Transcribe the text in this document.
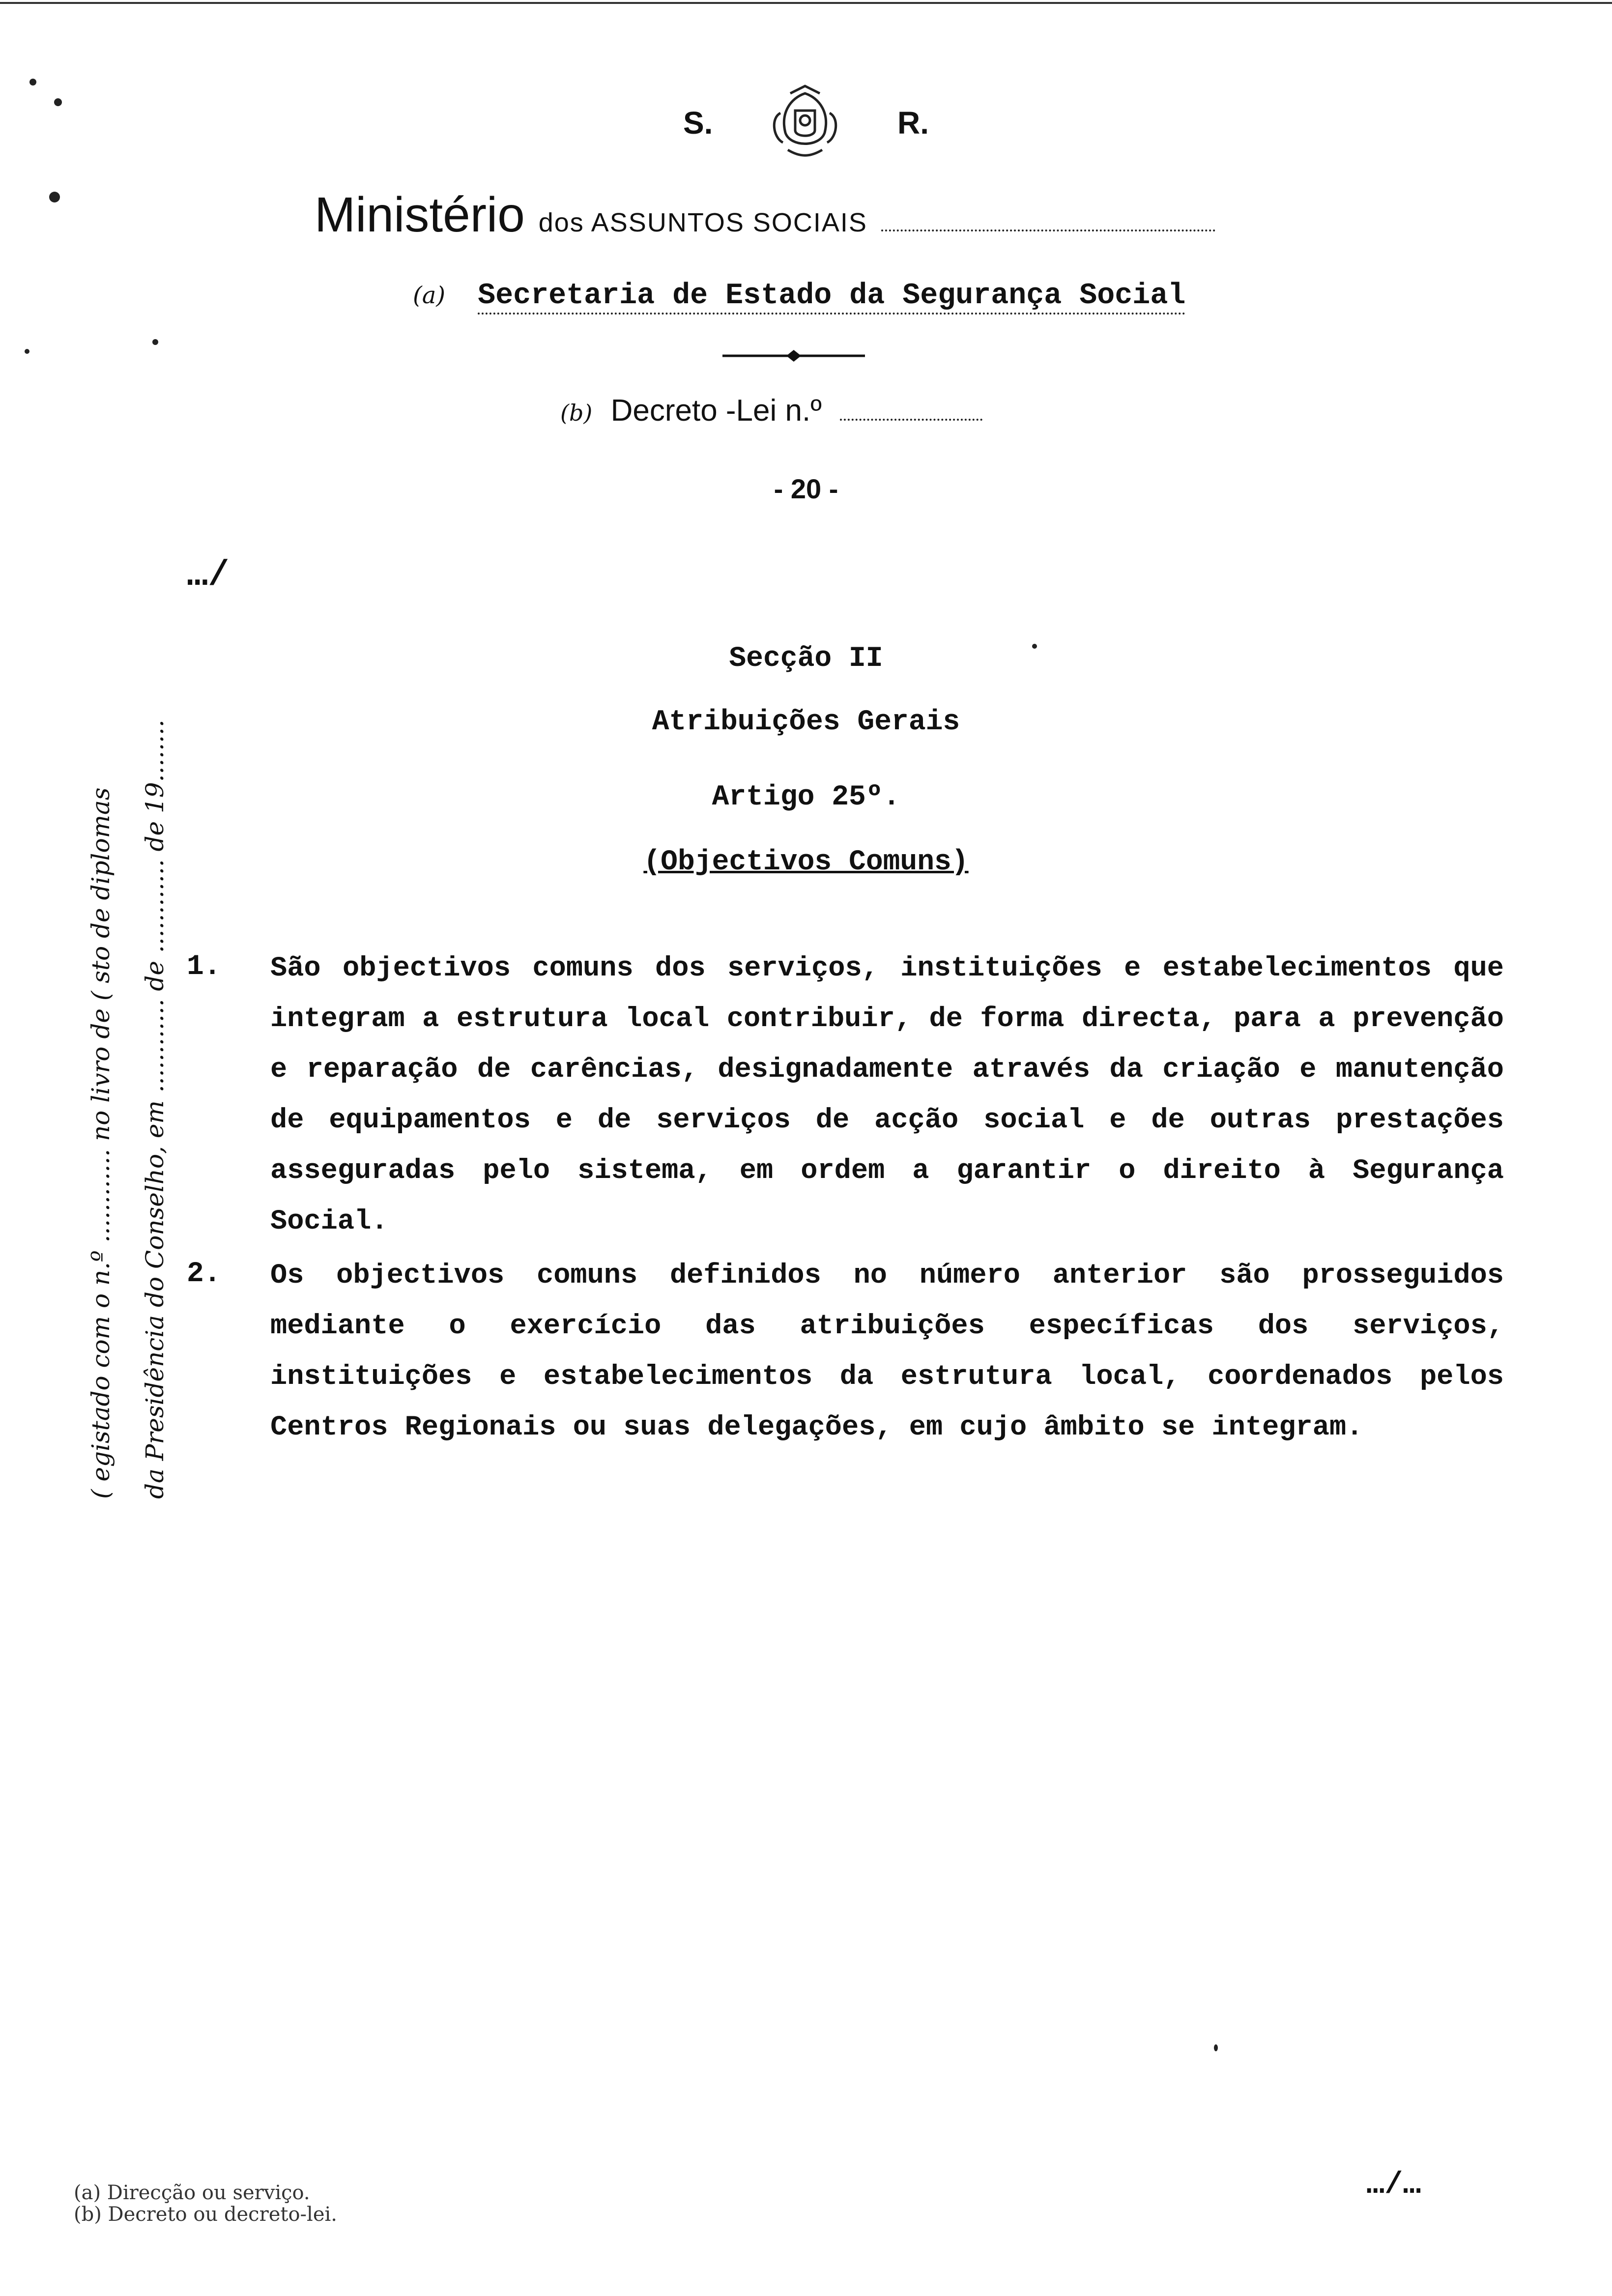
S.	R.
Ministério dos ASSUNTOS SOCIAIS
(a) Secretaria de Estado da Segurança Social
(b) Decreto -Lei n.º
- 20 -
…/
Secção II
Atribuições Gerais
Artigo 25º.
(Objectivos Comuns)
1. São objectivos comuns dos serviços, instituições e estabelecimentos que integram a estrutura local contribuir, de forma directa, para a prevenção e reparação de carências, designadamente através da criação e manutenção de equipamentos e de serviços de acção social e de outras prestações asseguradas pelo sistema, em ordem a garantir o direito à Segurança Social.
2. Os objectivos comuns definidos no número anterior são prosseguidos mediante o exercício das atribuições específicas dos serviços, instituições e estabelecimentos da estrutura local, coordenados pelos Centros Regionais ou suas delegações, em cujo âmbito se integram.
( egistado com o n.º ............ no livro de ( sto de diplomas	da Presidência do Conselho, em ............ de ............ de 19........
(a) Direcção ou serviço.
(b) Decreto ou decreto-lei.
…/…
